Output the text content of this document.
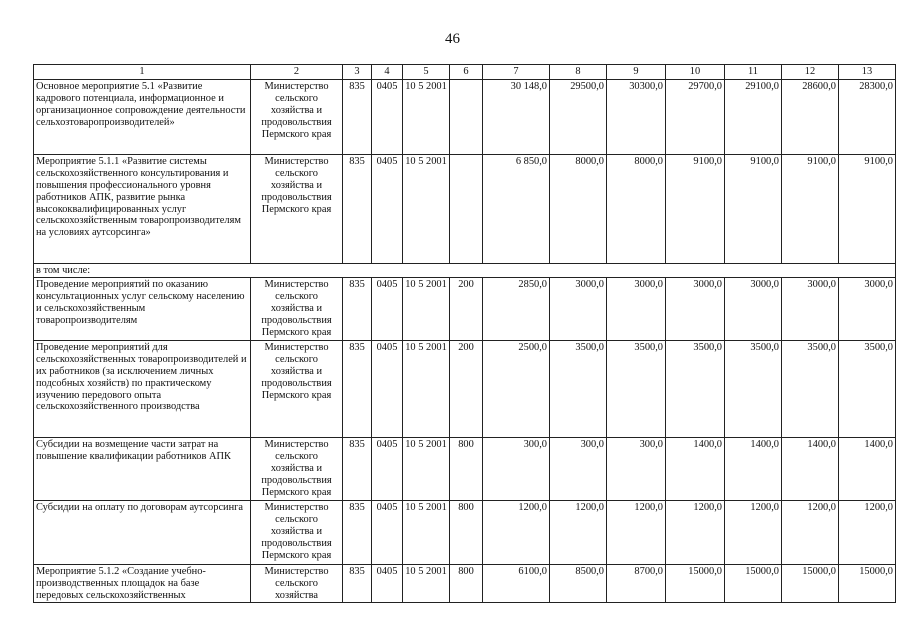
46
1	2	3	4	5	6	7	8	9	10	11	12	13
Основное мероприятие 5.1 «Развитие кадрового потенциала, информационное и организационное сопровождение деятельности сельхозтоваропроизводителей»	Министерство сельского хозяйства и продовольствия Пермского края	835	0405	10 5 2001		30 148,0	29500,0	30300,0	29700,0	29100,0	28600,0	28300,0
Мероприятие 5.1.1 «Развитие системы сельскохозяйственного консультирования и повышения профессионального уровня работников АПК, развитие рынка высококвалифицированных услуг сельскохозяйственным товаропроизводителям на условиях аутсорсинга»	Министерство сельского хозяйства и продовольствия Пермского края	835	0405	10 5 2001		6 850,0	8000,0	8000,0	9100,0	9100,0	9100,0	9100,0
в том числе:												
Проведение мероприятий по оказанию консультационных услуг сельскому населению и сельскохозяйственным товаропроизводителям	Министерство сельского хозяйства и продовольствия Пермского края	835	0405	10 5 2001	200	2850,0	3000,0	3000,0	3000,0	3000,0	3000,0	3000,0
Проведение мероприятий для сельскохозяйственных товаропроизводителей и их работников (за исключением личных подсобных хозяйств) по практическому изучению передового опыта сельскохозяйственного производства	Министерство сельского хозяйства и продовольствия Пермского края	835	0405	10 5 2001	200	2500,0	3500,0	3500,0	3500,0	3500,0	3500,0	3500,0
Субсидии на возмещение части затрат на повышение квалификации работников АПК	Министерство сельского хозяйства и продовольствия Пермского края	835	0405	10 5 2001	800	300,0	300,0	300,0	1400,0	1400,0	1400,0	1400,0
Субсидии на оплату по договорам аутсорсинга	Министерство сельского хозяйства и продовольствия Пермского края	835	0405	10 5 2001	800	1200,0	1200,0	1200,0	1200,0	1200,0	1200,0	1200,0
Мероприятие 5.1.2 «Создание учебно-производственных площадок на базе передовых сельскохозяйственных	Министерство сельского хозяйства	835	0405	10 5 2001	800	6100,0	8500,0	8700,0	15000,0	15000,0	15000,0	15000,0
